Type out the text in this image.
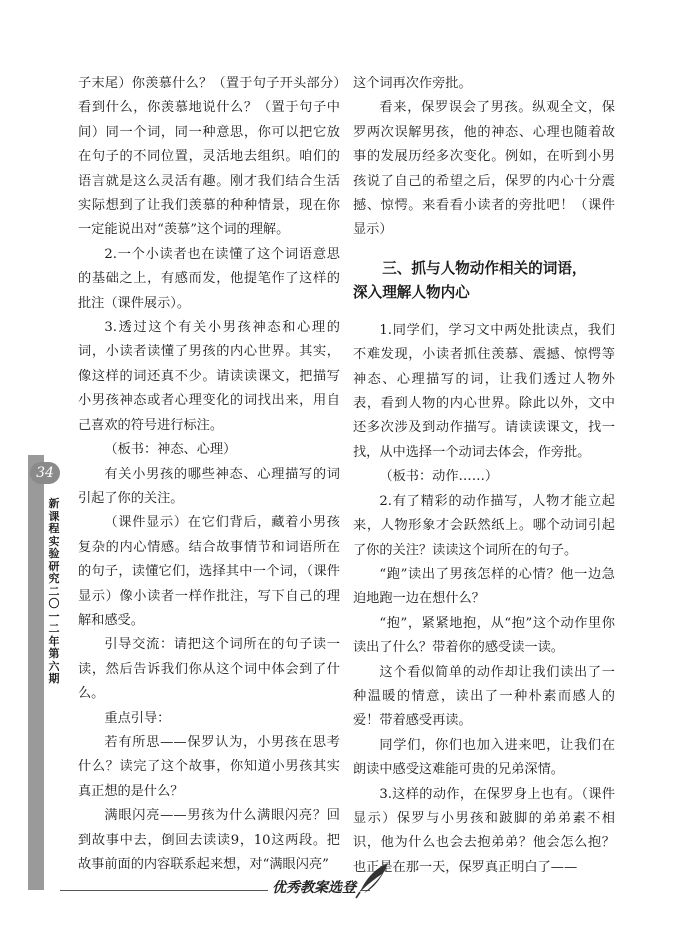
34
新课程实验研究 二〇一二年 第六期

子末尾）你羡慕什么？（置于句子开头部分）看到什么，你羡慕地说什么？（置于句子中间）同一个词，同一种意思，你可以把它放在句子的不同位置，灵活地去组织。咱们的语言就是这么灵活有趣。刚才我们结合生活实际想到了让我们羡慕的种种情景，现在你一定能说出对“羡慕”这个词的理解。

2.一个小读者也在读懂了这个词语意思的基础之上，有感而发，他提笔作了这样的批注（课件展示）。

3.透过这个有关小男孩神态和心理的词，小读者读懂了男孩的内心世界。其实，像这样的词还真不少。请读读课文，把描写小男孩神态或者心理变化的词找出来，用自己喜欢的符号进行标注。

（板书：神态、心理）

有关小男孩的哪些神态、心理描写的词引起了你的关注。

（课件显示）在它们背后，藏着小男孩复杂的内心情感。结合故事情节和词语所在的句子，读懂它们，选择其中一个词，（课件显示）像小读者一样作批注，写下自己的理解和感受。

引导交流：请把这个词所在的句子读一读，然后告诉我们你从这个词中体会到了什么。

重点引导：

若有所思——保罗认为，小男孩在思考什么？读完了这个故事，你知道小男孩其实真正想的是什么？

满眼闪亮——男孩为什么满眼闪亮？回到故事中去，倒回去读读9，10这两段。把故事前面的内容联系起来想，对“满眼闪亮”

这个词再次作旁批。

看来，保罗误会了男孩。纵观全文，保罗两次误解男孩，他的神态、心理也随着故事的发展历经多次变化。例如，在听到小男孩说了自己的希望之后，保罗的内心十分震撼、惊愕。来看看小读者的旁批吧！（课件显示）

三、抓与人物动作相关的词语，
深入理解人物内心

1.同学们，学习文中两处批读点，我们不难发现，小读者抓住羡慕、震撼、惊愕等神态、心理描写的词，让我们透过人物外表，看到人物的内心世界。除此以外，文中还多次涉及到动作描写。请读读课文，找一找，从中选择一个动词去体会，作旁批。

（板书：动作……）

2.有了精彩的动作描写，人物才能立起来，人物形象才会跃然纸上。哪个动词引起了你的关注？读读这个词所在的句子。

“跑”读出了男孩怎样的心情？他一边急迫地跑一边在想什么？

“抱”，紧紧地抱，从“抱”这个动作里你读出了什么？带着你的感受读一读。

这个看似简单的动作却让我们读出了一种温暖的情意，读出了一种朴素而感人的爱！带着感受再读。

同学们，你们也加入进来吧，让我们在朗读中感受这难能可贵的兄弟深情。

3.这样的动作，在保罗身上也有。（课件显示）保罗与小男孩和跛脚的弟弟素不相识，他为什么也会去抱弟弟？他会怎么抱？也正是在那一天，保罗真正明白了——

优秀教案选登
